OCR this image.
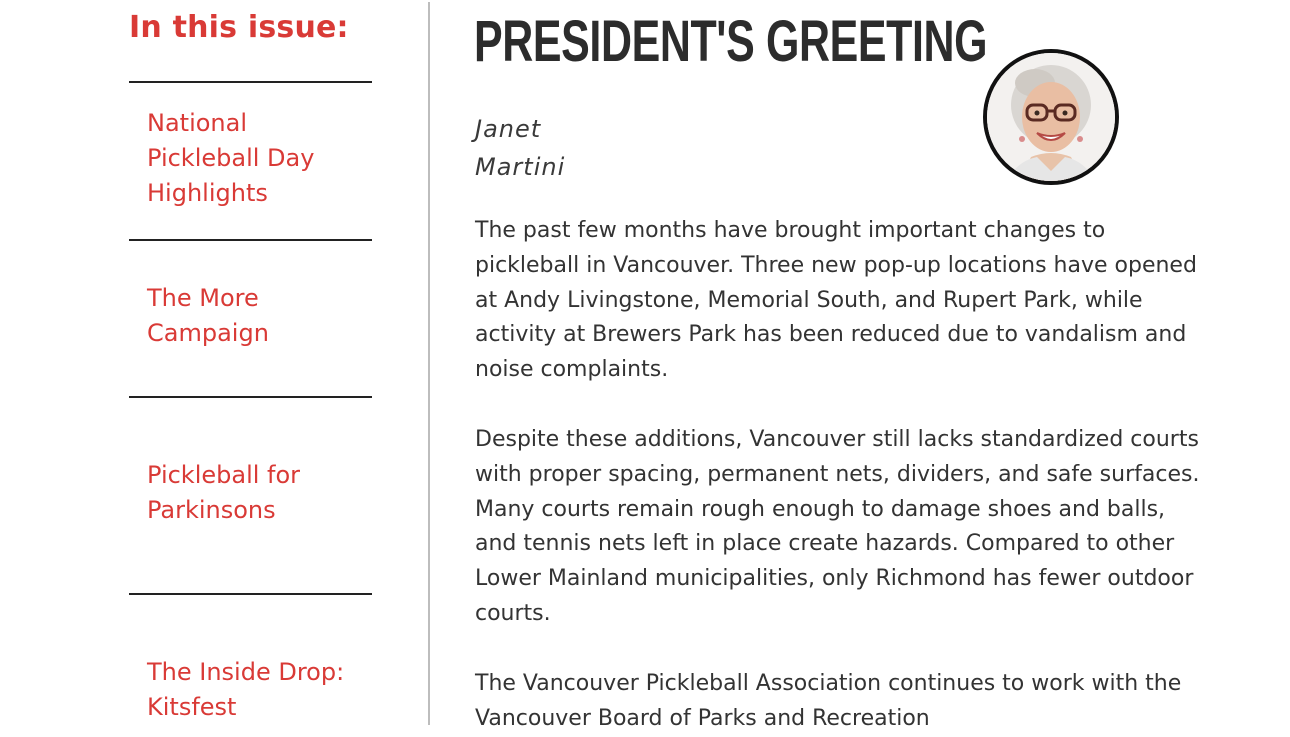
In this issue:
National
Pickleball Day
Highlights
The More
Campaign
Pickleball for
Parkinsons
The Inside Drop:
Kitsfest
PRESIDENT'S GREETING
Janet
Martini

The past few months have brought important changes to pickleball in Vancouver. Three new pop-up locations have opened at Andy Livingstone, Memorial South, and Rupert Park, while activity at Brewers Park has been reduced due to vandalism and noise complaints.

Despite these additions, Vancouver still lacks standardized courts with proper spacing, permanent nets, dividers, and safe surfaces. Many courts remain rough enough to damage shoes and balls, and tennis nets left in place create hazards. Compared to other Lower Mainland municipalities, only Richmond has fewer outdoor courts.

The Vancouver Pickleball Association continues to work with the Vancouver Board of Parks and Recreation
